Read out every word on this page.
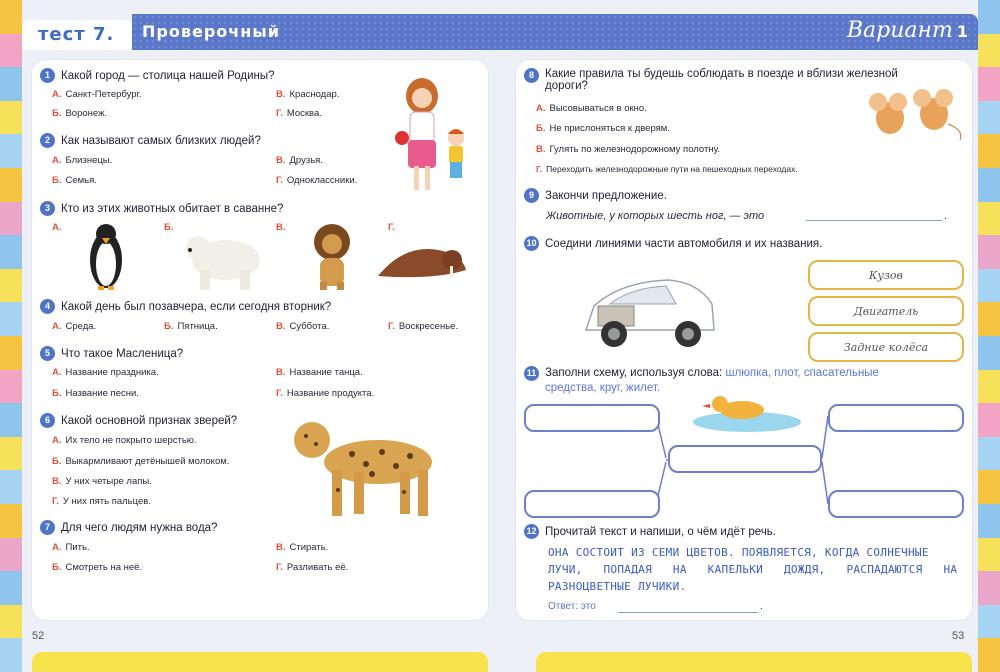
тест 7.	Проверочный	Вариант 1
1 Какой город — столица нашей Родины?
А. Санкт-Петербург.
Б. Воронеж.
В. Краснодар.
Г. Москва.
2 Как называют самых близких людей?
А. Близнецы.
Б. Семья.
В. Друзья.
Г. Одноклассники.
3 Кто из этих животных обитает в саванне?
А.	Б.	В.	Г.
4 Какой день был позавчера, если сегодня вторник?
А. Среда.	Б. Пятница.	В. Суббота.	Г. Воскресенье.
5 Что такое Масленица?
А. Название праздника.
Б. Название песни.
В. Название танца.
Г. Название продукта.
6 Какой основной признак зверей?
А. Их тело не покрыто шерстью.
Б. Выкармливают детёнышей молоком.
В. У них четыре лапы.
Г. У них пять пальцев.
7 Для чего людям нужна вода?
А. Пить.
Б. Смотреть на неё.
В. Стирать.
Г. Разливать её.
8 Какие правила ты будешь соблюдать в поезде и вблизи железной
дороги?
А. Высовываться в окно.
Б. Не прислоняться к дверям.
В. Гулять по железнодорожному полотну.
Г. Переходить железнодорожные пути на пешеходных переходах.
9 Закончи предложение.
Животные, у которых шесть ног, — это	.
10 Соедини линиями части автомобиля и их названия.
Кузов
Двигатель
Задние колёса
11 Заполни схему, используя слова: шлюпка, плот, спасательные
средства, круг, жилет.
12 Прочитай текст и напиши, о чём идёт речь.
ОНА СОСТОИТ ИЗ СЕМИ ЦВЕТОВ. ПОЯВЛЯЕТСЯ, КОГДА СОЛНЕЧНЫЕ
ЛУЧИ, ПОПАДАЯ НА КАПЕЛЬКИ ДОЖДЯ, РАСПАДАЮТСЯ НА
РАЗНОЦВЕТНЫЕ ЛУЧИКИ.
Ответ: это	.
52	53
